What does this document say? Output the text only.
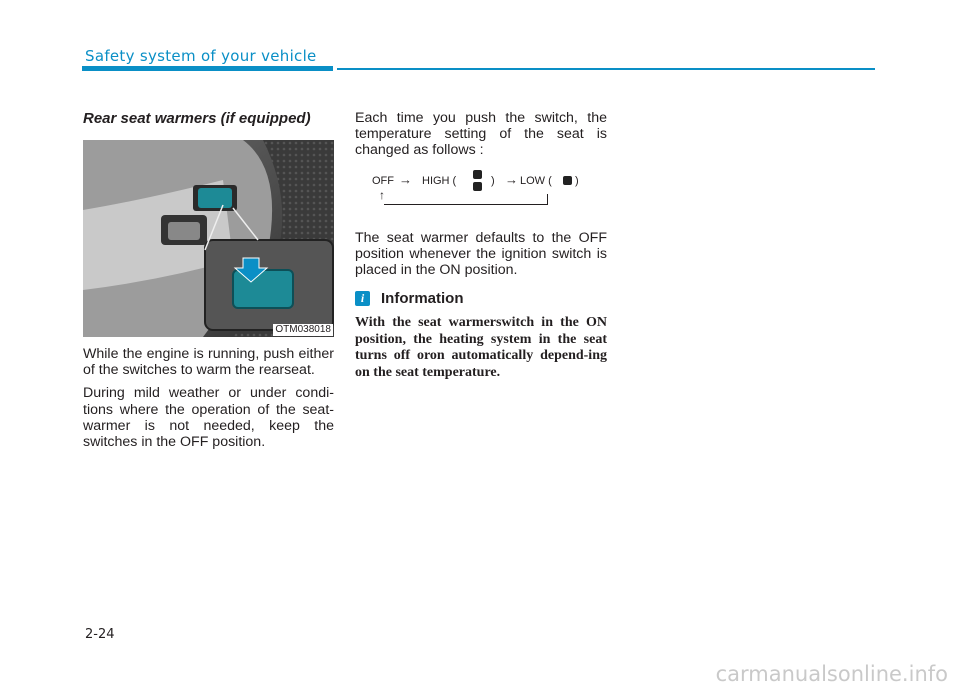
Safety system of your vehicle
Rear seat warmers (if equipped)
OTM038018

While the engine is running, push either of the switches to warm the rearseat.

During mild weather or under condi-tions where the operation of the seat-warmer is not needed, keep the switches in the OFF position.

Each time you push the switch, the temperature setting of the seat is changed as follows :

OFF → HIGH (	) → LOW ( )
↑

The seat warmer defaults to the OFF position whenever the ignition switch is placed in the ON position.

i	Information

With the seat warmerswitch in the ON position, the heating system in the seat turns off oron automatically depend-ing on the seat temperature.

2-24
carmanualsonline.info
